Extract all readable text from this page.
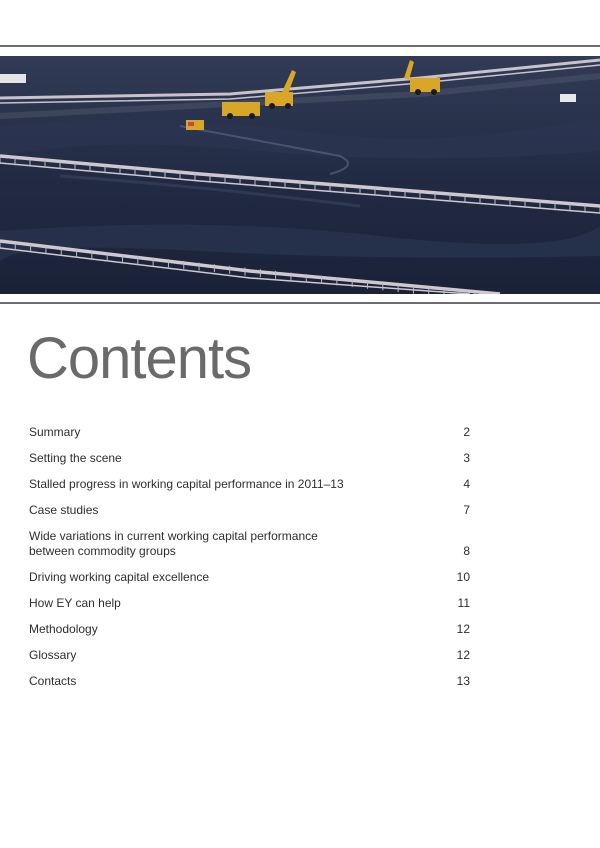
Contents
Summary	2
Setting the scene	3
Stalled progress in working capital performance in 2011–13	4
Case studies	7
Wide variations in current working capital performance
between commodity groups	8
Driving working capital excellence	10
How EY can help	11
Methodology	12
Glossary	12
Contacts	13
